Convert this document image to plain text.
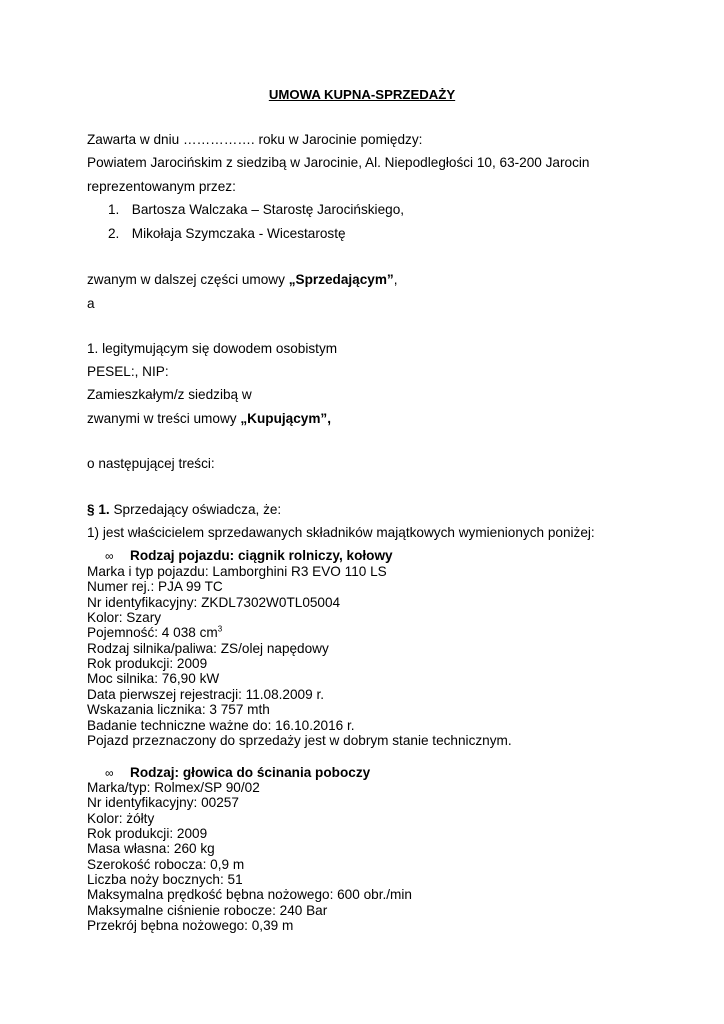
UMOWA KUPNA-SPRZEDAŻY
Zawarta w dniu ……………. roku w Jarocinie pomiędzy:
Powiatem Jarocińskim z siedzibą w Jarocinie, Al. Niepodległości 10, 63-200 Jarocin
reprezentowanym przez:
1. Bartosza Walczaka – Starostę Jarocińskiego,
2. Mikołaja Szymczaka - Wicestarostę
zwanym w dalszej części umowy „Sprzedającym”,
a
1. legitymującym się dowodem osobistym
PESEL:, NIP:
Zamieszkałym/z siedzibą w
zwanymi w treści umowy „Kupującym”,
o następującej treści:
§ 1. Sprzedający oświadcza, że:
1) jest właścicielem sprzedawanych składników majątkowych wymienionych poniżej:
∞ Rodzaj pojazdu: ciągnik rolniczy, kołowy
Marka i typ pojazdu: Lamborghini R3 EVO 110 LS
Numer rej.: PJA 99 TC
Nr identyfikacyjny: ZKDL7302W0TL05004
Kolor: Szary
Pojemność: 4 038 $cm^3$
Rodzaj silnika/paliwa: ZS/olej napędowy
Rok produkcji: 2009
Moc silnika: 76,90 kW
Data pierwszej rejestracji: 11.08.2009 r.
Wskazania licznika: 3 757 mth
Badanie techniczne ważne do: 16.10.2016 r.
Pojazd przeznaczony do sprzedaży jest w dobrym stanie technicznym.
∞ Rodzaj: głowica do ścinania poboczy
Marka/typ: Rolmex/SP 90/02
Nr identyfikacyjny: 00257
Kolor: żółty
Rok produkcji: 2009
Masa własna: 260 kg
Szerokość robocza: 0,9 m
Liczba noży bocznych: 51
Maksymalna prędkość bębna nożowego: 600 obr./min
Maksymalne ciśnienie robocze: 240 Bar
Przekrój bębna nożowego: 0,39 m
